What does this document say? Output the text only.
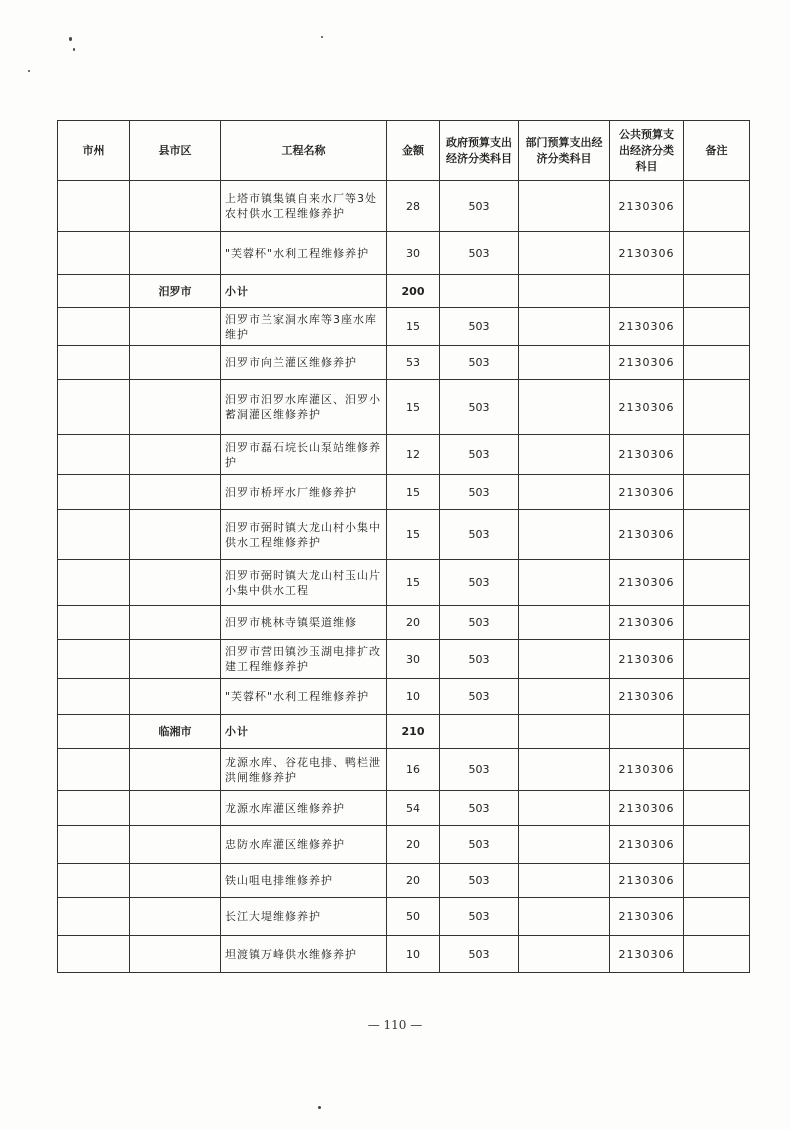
市州	县市区	工程名称	金额	政府预算支出经济分类科目	部门预算支出经济分类科目	公共预算支出经济分类科目	备注
		上塔市镇集镇自来水厂等3处农村供水工程维修养护	28	503		2130306	
		"芙蓉杯"水利工程维修养护	30	503		2130306	
	汨罗市	小计	200				
		汨罗市兰家洞水库等3座水库维护	15	503		2130306	
		汨罗市向兰灌区维修养护	53	503		2130306	
		汨罗市汨罗水库灌区、汨罗小蓄洞灌区维修养护	15	503		2130306	
		汨罗市磊石垸长山泵站维修养护	12	503		2130306	
		汨罗市桥坪水厂维修养护	15	503		2130306	
		汨罗市弼时镇大龙山村小集中供水工程维修养护	15	503		2130306	
		汨罗市弼时镇大龙山村玉山片小集中供水工程	15	503		2130306	
		汨罗市桃林寺镇渠道维修	20	503		2130306	
		汨罗市营田镇沙玉湖电排扩改建工程维修养护	30	503		2130306	
		"芙蓉杯"水利工程维修养护	10	503		2130306	
	临湘市	小计	210				
		龙源水库、谷花电排、鸭栏泄洪闸维修养护	16	503		2130306	
		龙源水库灌区维修养护	54	503		2130306	
		忠防水库灌区维修养护	20	503		2130306	
		铁山咀电排维修养护	20	503		2130306	
		长江大堤维修养护	50	503		2130306	
		坦渡镇万峰供水维修养护	10	503		2130306	
— 110 —
